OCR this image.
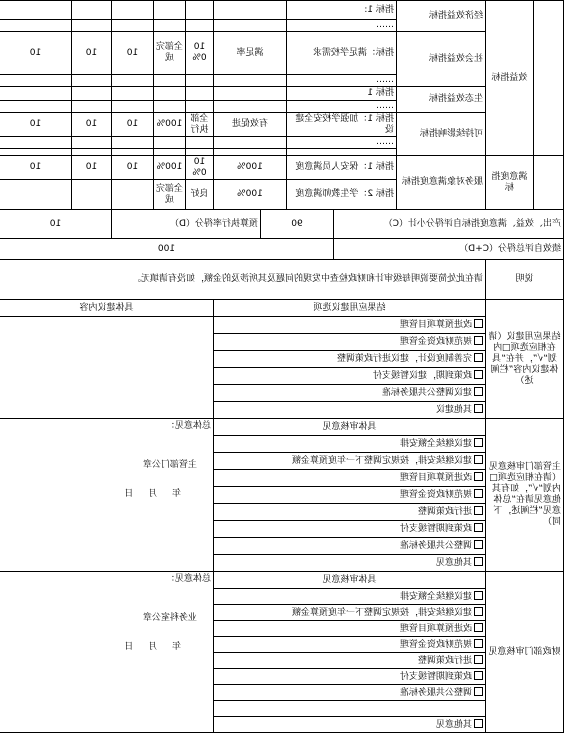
	效益指标	经济效益指标	指标 1:								
			……								
		社会效益指标	指标：满足学校需求		满足率		100%	全部完成	10	10	10
			……								
		生态效益指标	指标 1								
			……								
		可持续影响指标	指标 1：加强学校安全建设		有效促进		全部执行	100%	10	10	10
			……								

	满意度指标	服务对象满意度指标	指标 1：保安人员满意度		100%		100%	100%	10	10	10
			指标 2：学生教师满意度		100%		良好	全部完成			

产出、效益、满意度指标自评得分小计（C）				90		预算执行率得分（D）				10	
绩效自评总得分（C+D）				100							
说明		请在此处简要说明每级审计和财政检查中发现的问题及其所涉及的金额，如没有请填无。									
结果应用建议（请在相应选项□内划“√”，并在“具体建议内容”栏阐述）		结果应用建议选项					具体建议内容				
		改进预算项目管理									
		规范财政资金管理									
		完善制度设计，建议进行政策调整									
		政策到期，建议暂缓支付									
		建议调整公共服务标准									
		其他建议									
主管部门审核意见（请在相应选项□内划“√”，如有其他意见请在“总体意见”栏阐述，下同）		具体审核意见					总体意见：
主管部门公章
年 月 日				

		建议继续全额安排									
		建议继续安排，按规定调整下一年度预算金额									
		改进预算项目管理									
		规范财政资金管理									
		进行政策调整									
		政策到期暂缓支付									
		调整公共服务标准									
		其他意见									
财政部门审核意见		具体审核意见					总体意见：
业务科室公章
年 月 日				

		建议继续全额安排									
		建议继续安排，按规定调整下一年度预算金额									
		改进预算项目管理									
		规范财政资金管理									
		进行政策调整									
		政策到期暂缓支付									
		调整公共服务标准									

		其他意见									
